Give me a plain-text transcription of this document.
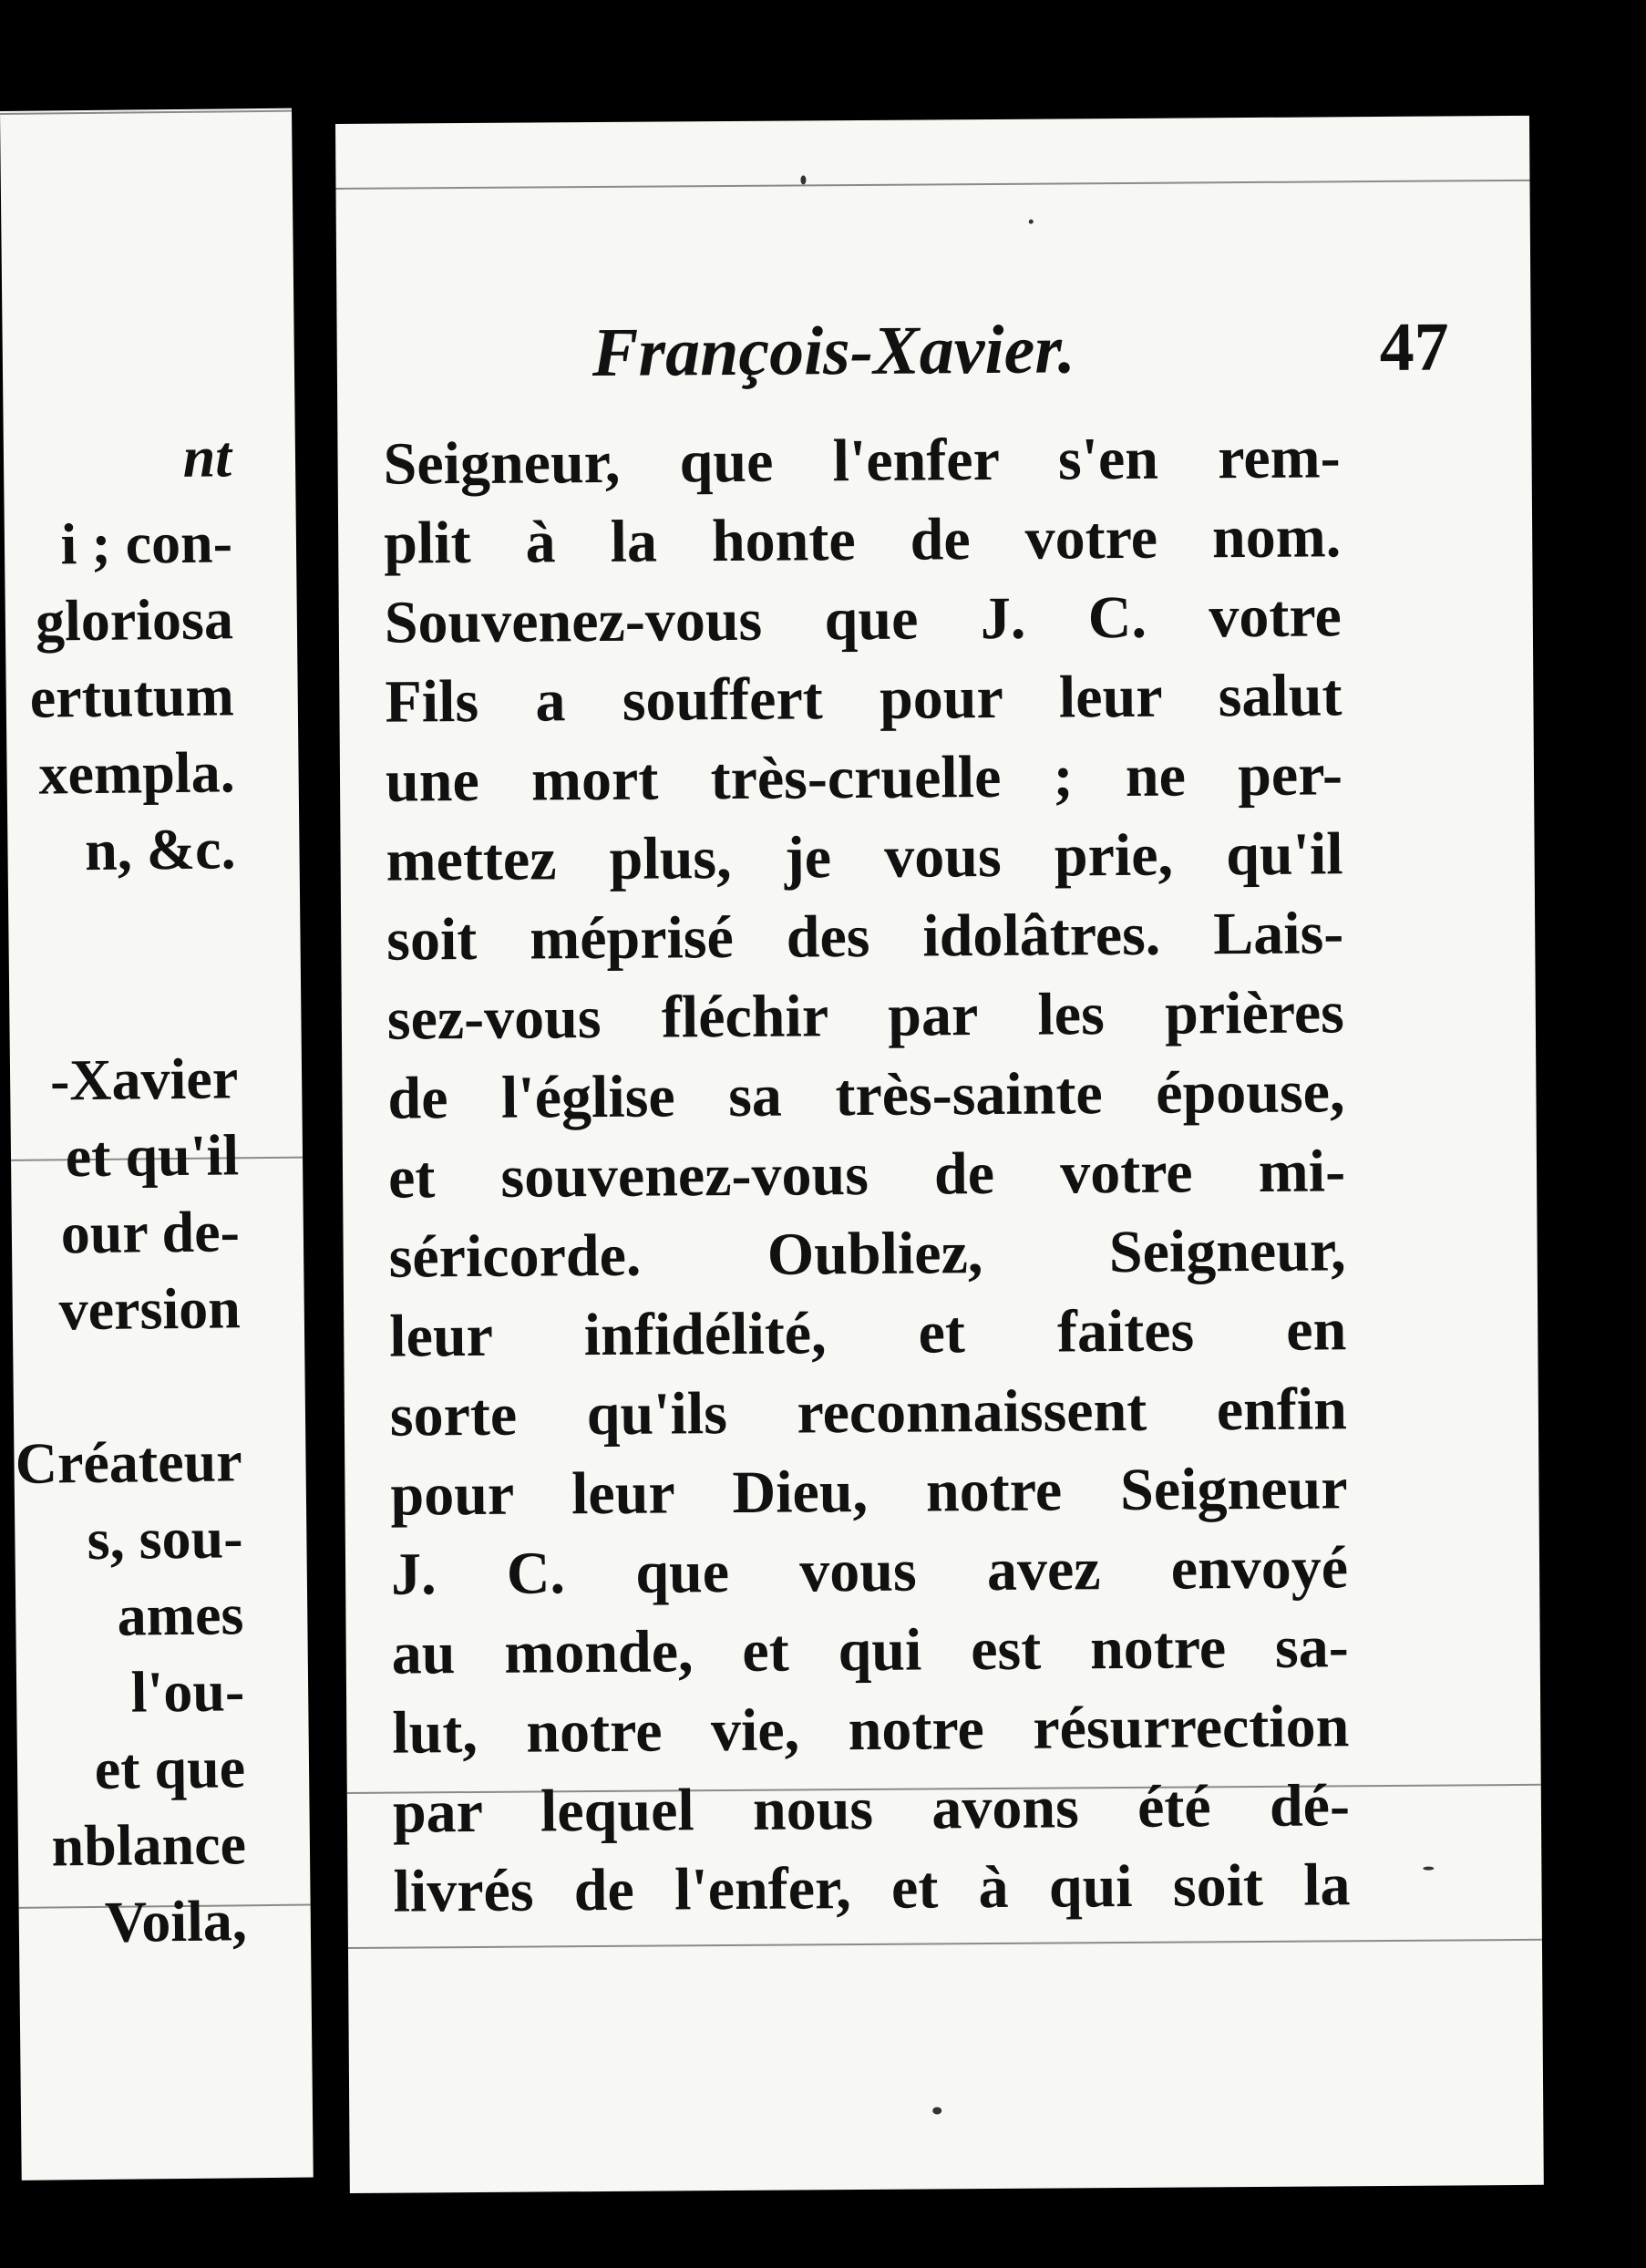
nt
i ; con-
gloriosa
ertutum
xempla.
n, &c.
-Xavier
et qu'il
our de-
version
Créateur
s, sou-
ames
l'ou-
et que
nblance
Voila,
François-Xavier.	47
Seigneur, que l'enfer s'en rem-
plit à la honte de votre nom.
Souvenez-vous que J. C. votre
Fils a souffert pour leur salut
une mort très-cruelle ; ne per-
mettez plus, je vous prie, qu'il
soit méprisé des idolâtres. Lais-
sez-vous fléchir par les prières
de l'église sa très-sainte épouse,
et souvenez-vous de votre mi-
séricorde. Oubliez, Seigneur,
leur infidélité, et faites en
sorte qu'ils reconnaissent enfin
pour leur Dieu, notre Seigneur
J. C. que vous avez envoyé
au monde, et qui est notre sa-
lut, notre vie, notre résurrection
par lequel nous avons été dé-
livrés de l'enfer, et à qui soit la
